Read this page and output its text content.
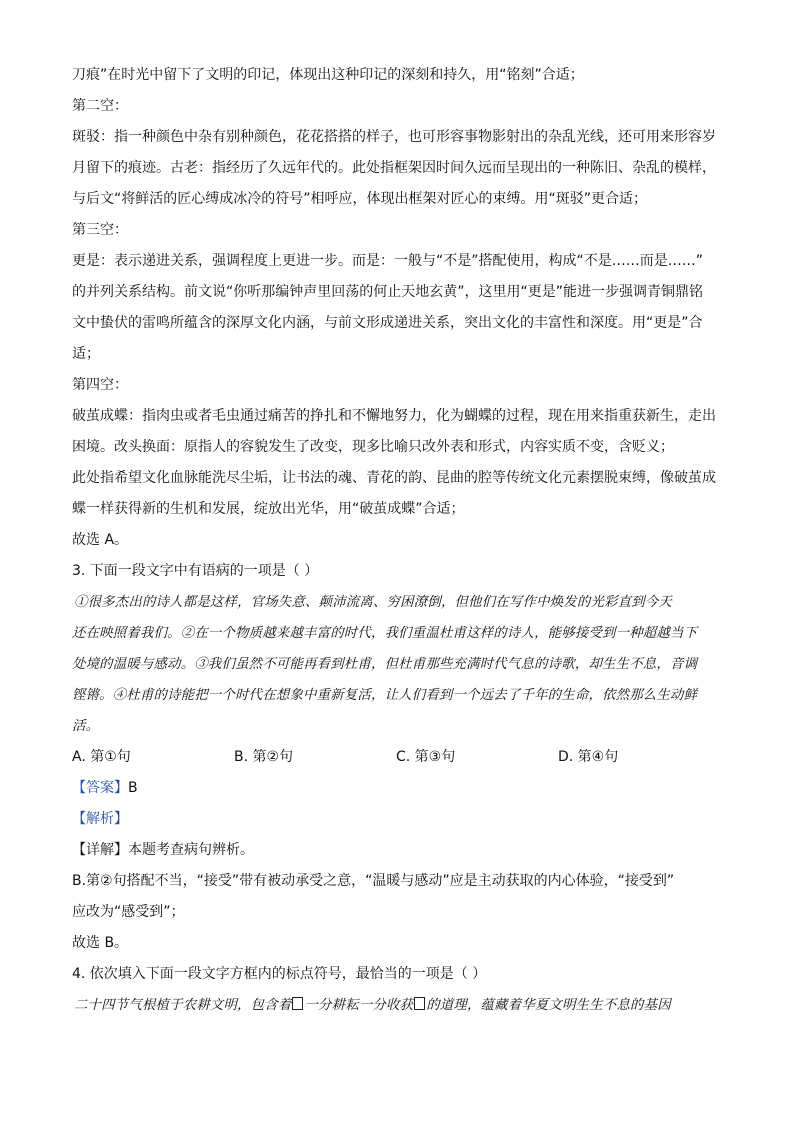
刀痕”在时光中留下了文明的印记，体现出这种印记的深刻和持久，用“铭刻”合适；
第二空：
斑驳：指一种颜色中杂有别种颜色，花花搭搭的样子，也可形容事物影射出的杂乱光线，还可用来形容岁
月留下的痕迹。古老：指经历了久远年代的。此处指框架因时间久远而呈现出的一种陈旧、杂乱的模样，
与后文“将鲜活的匠心缚成冰冷的符号”相呼应，体现出框架对匠心的束缚。用“斑驳”更合适；
第三空：
更是：表示递进关系，强调程度上更进一步。而是：一般与“不是”搭配使用，构成“不是……而是……”
的并列关系结构。前文说“你听那编钟声里回荡的何止天地玄黄”，这里用“更是”能进一步强调青铜鼎铭
文中蛰伏的雷鸣所蕴含的深厚文化内涵，与前文形成递进关系，突出文化的丰富性和深度。用“更是”合
适；
第四空：
破茧成蝶：指肉虫或者毛虫通过痛苦的挣扎和不懈地努力，化为蝴蝶的过程，现在用来指重获新生，走出
困境。改头换面：原指人的容貌发生了改变，现多比喻只改外表和形式，内容实质不变，含贬义；
此处指希望文化血脉能洗尽尘垢，让书法的魂、青花的韵、昆曲的腔等传统文化元素摆脱束缚，像破茧成
蝶一样获得新的生机和发展，绽放出光华，用“破茧成蝶”合适；
故选 A。
3. 下面一段文字中有语病的一项是（ ）
①很多杰出的诗人都是这样，官场失意、颠沛流离、穷困潦倒，但他们在写作中焕发的光彩直到今天
还在映照着我们。②在一个物质越来越丰富的时代，我们重温杜甫这样的诗人，能够接受到一种超越当下
处境的温暖与感动。③我们虽然不可能再看到杜甫，但杜甫那些充满时代气息的诗歌，却生生不息，音调
铿锵。④杜甫的诗能把一个时代在想象中重新复活，让人们看到一个远去了千年的生命，依然那么生动鲜
活。
A. 第①句	B. 第②句	C. 第③句	D. 第④句
【答案】B
【解析】
【详解】本题考查病句辨析。
B.第②句搭配不当，“接受”带有被动承受之意，“温暖与感动”应是主动获取的内心体验，“接受到”
应改为“感受到”；
故选 B。
4. 依次填入下面一段文字方框内的标点符号，最恰当的一项是（ ）
二十四节气根植于农耕文明，包含着 一分耕耘一分收获 的道理，蕴藏着华夏文明生生不息的基因
